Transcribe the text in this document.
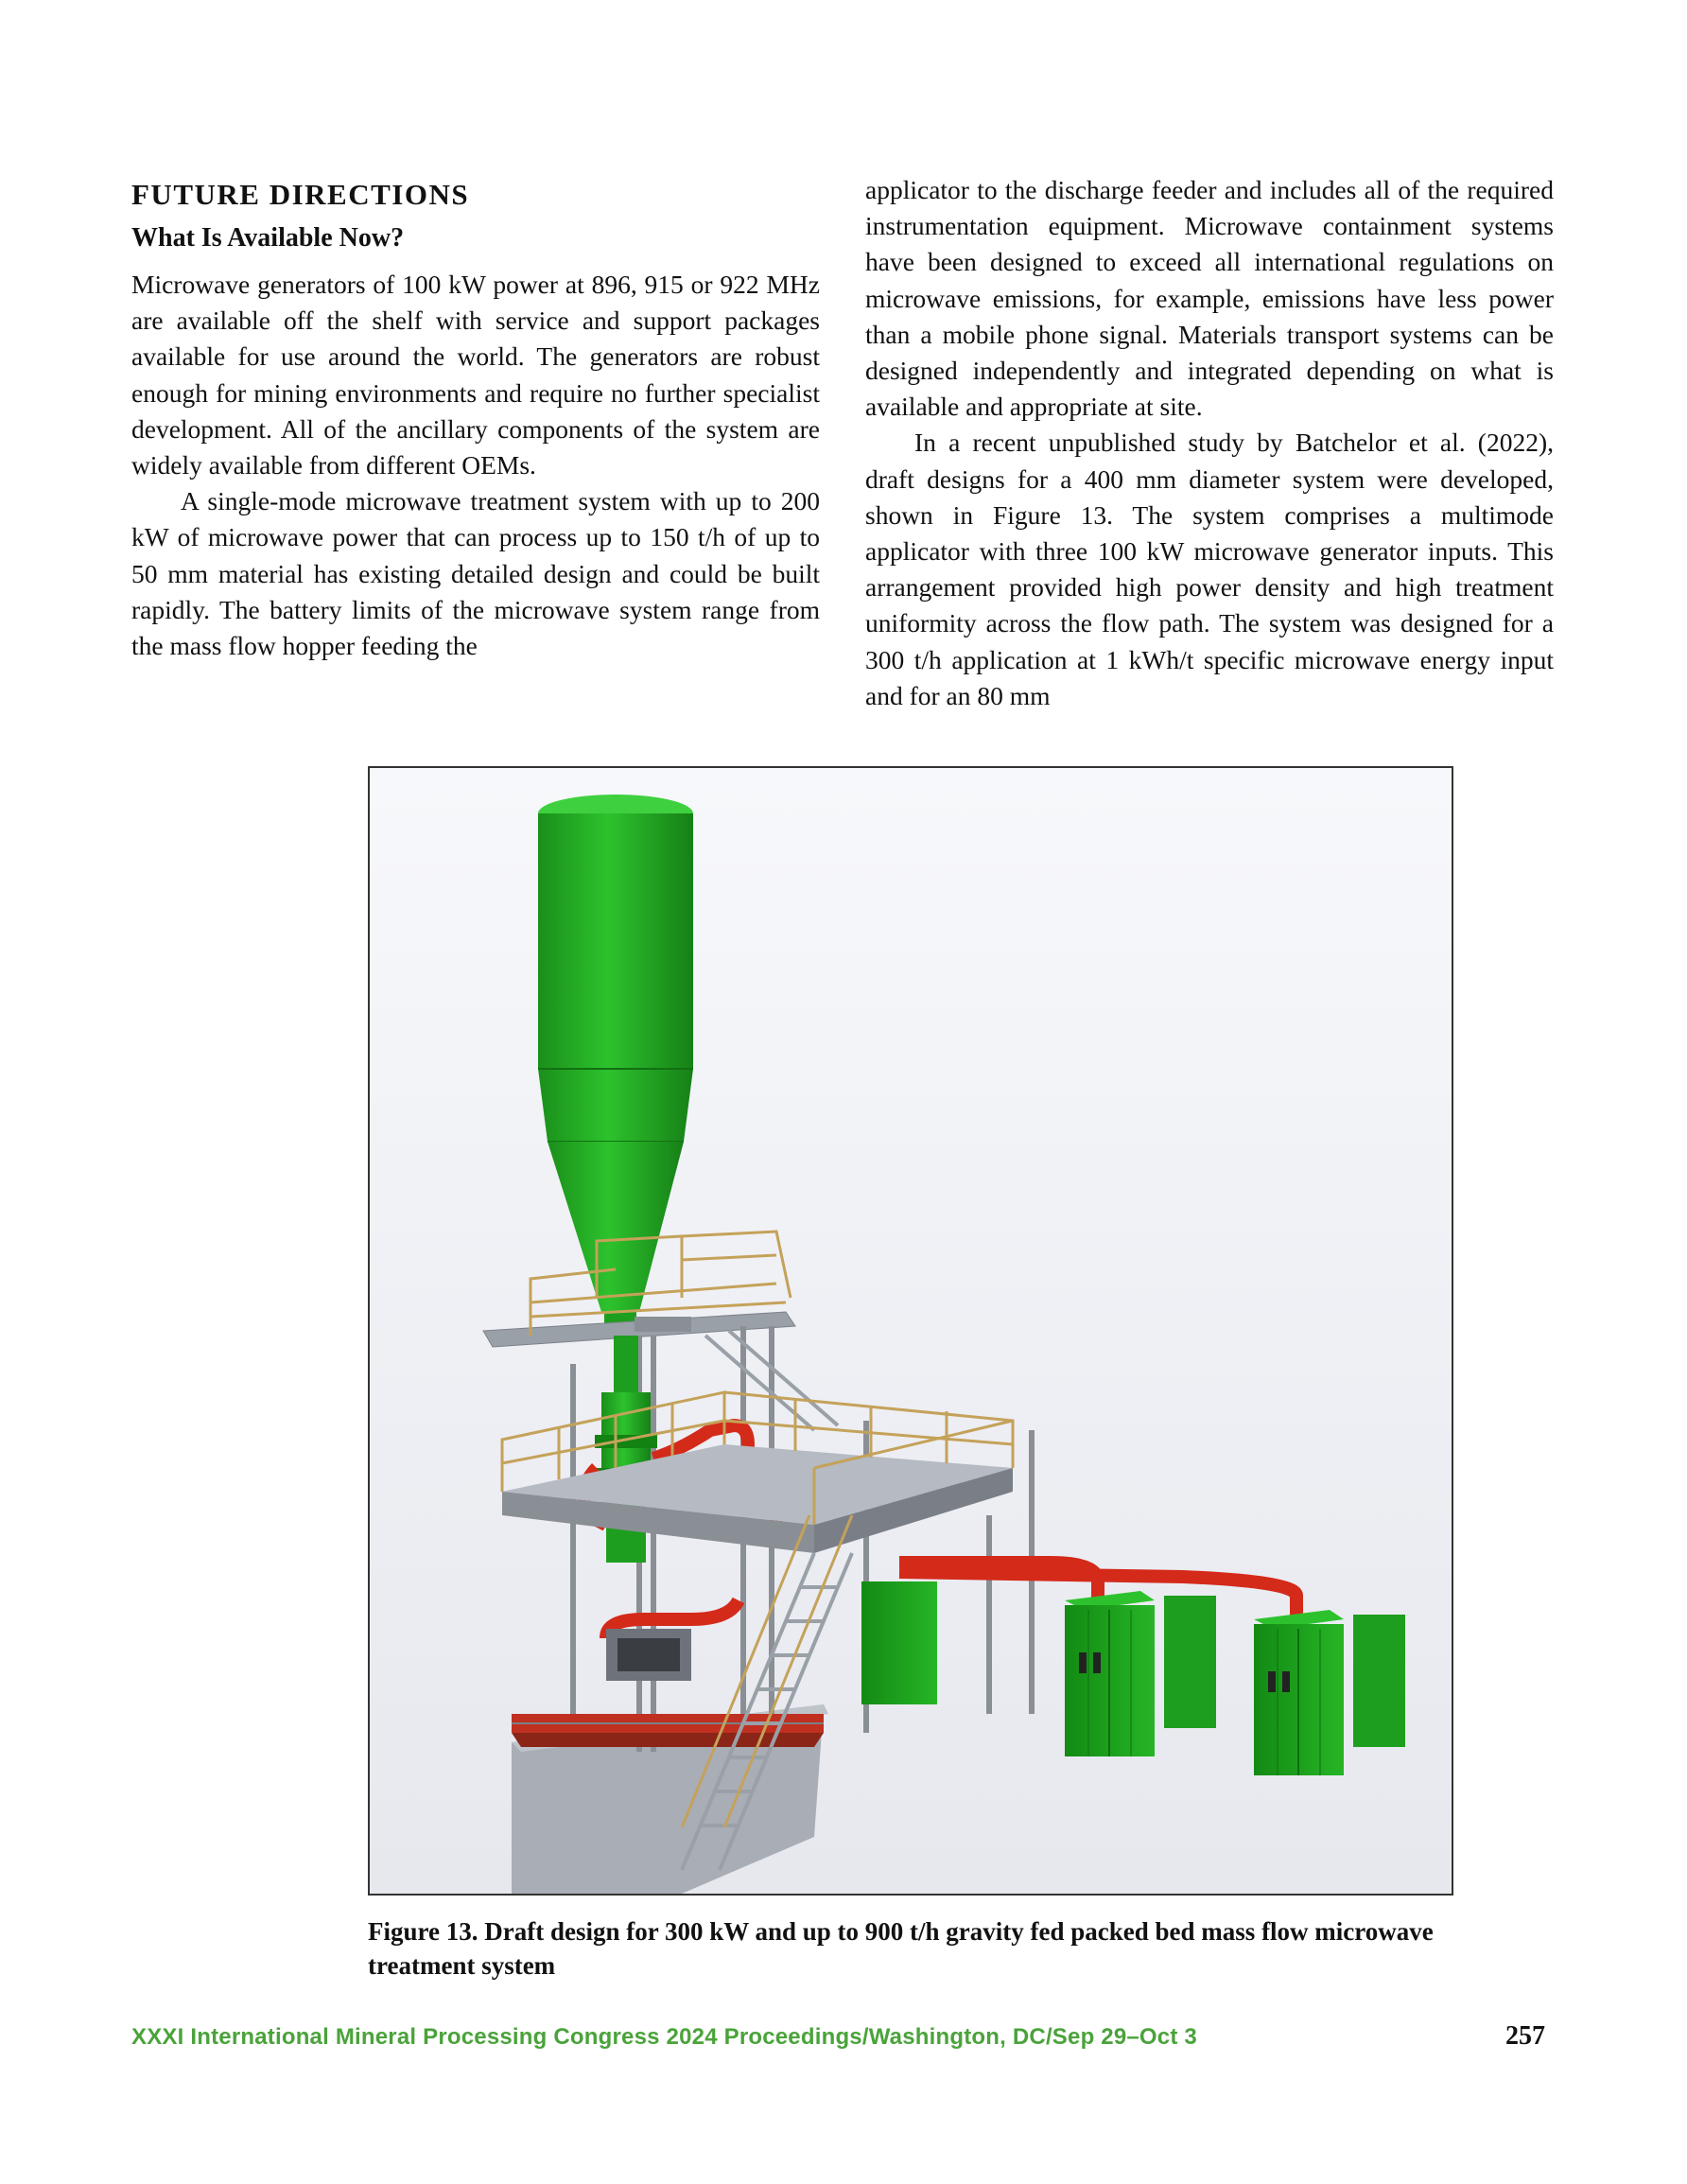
FUTURE DIRECTIONS
What Is Available Now?

Microwave generators of 100 kW power at 896, 915 or 922 MHz are available off the shelf with service and support packages available for use around the world. The generators are robust enough for mining environments and require no further specialist development. All of the ancillary components of the system are widely available from different OEMs.

A single-mode microwave treatment system with up to 200 kW of microwave power that can process up to 150 t/h of up to 50 mm material has existing detailed design and could be built rapidly. The battery limits of the microwave system range from the mass flow hopper feeding the

applicator to the discharge feeder and includes all of the required instrumentation equipment. Microwave containment systems have been designed to exceed all international regulations on microwave emissions, for example, emissions have less power than a mobile phone signal. Materials transport systems can be designed independently and integrated depending on what is available and appropriate at site.

In a recent unpublished study by Batchelor et al. (2022), draft designs for a 400 mm diameter system were developed, shown in Figure 13. The system comprises a multimode applicator with three 100 kW microwave generator inputs. This arrangement provided high power density and high treatment uniformity across the flow path. The system was designed for a 300 t/h application at 1 kWh/t specific microwave energy input and for an 80 mm

Figure 13. Draft design for 300 kW and up to 900 t/h gravity fed packed bed mass flow microwave treatment system
XXXI International Mineral Processing Congress 2024 Proceedings/Washington, DC/Sep 29–Oct 3	257
